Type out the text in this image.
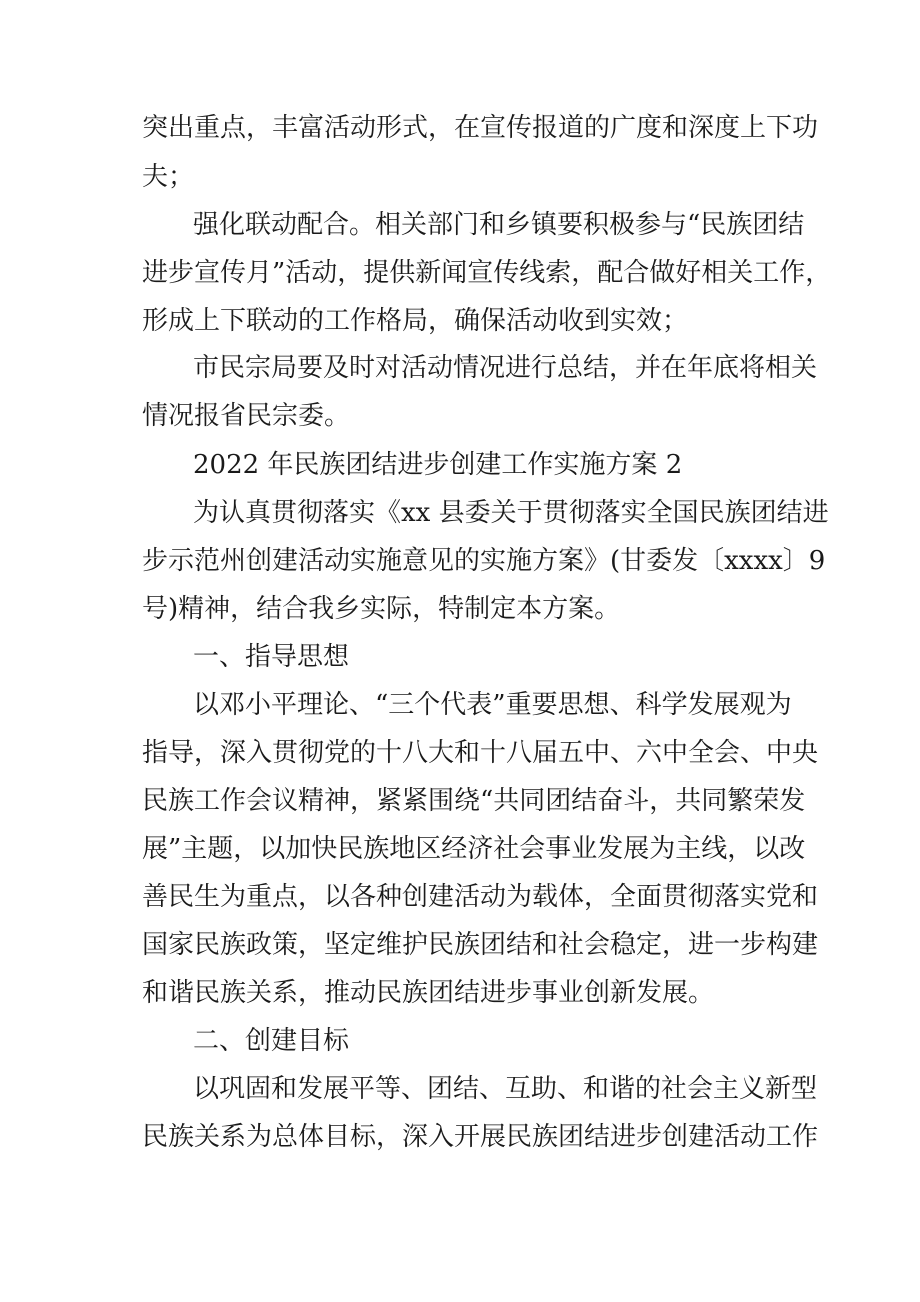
突出重点，丰富活动形式，在宣传报道的广度和深度上下功
夫；
强化联动配合。相关部门和乡镇要积极参与“民族团结
进步宣传月”活动，提供新闻宣传线索，配合做好相关工作，
形成上下联动的工作格局，确保活动收到实效；
市民宗局要及时对活动情况进行总结，并在年底将相关
情况报省民宗委。
2022 年民族团结进步创建工作实施方案 2
为认真贯彻落实《xx 县委关于贯彻落实全国民族团结进
步示范州创建活动实施意见的实施方案》(甘委发〔xxxx〕9
号)精神，结合我乡实际，特制定本方案。
一、指导思想
以邓小平理论、“三个代表”重要思想、科学发展观为
指导，深入贯彻党的十八大和十八届五中、六中全会、中央
民族工作会议精神，紧紧围绕“共同团结奋斗，共同繁荣发
展”主题，以加快民族地区经济社会事业发展为主线，以改
善民生为重点，以各种创建活动为载体，全面贯彻落实党和
国家民族政策，坚定维护民族团结和社会稳定，进一步构建
和谐民族关系，推动民族团结进步事业创新发展。
二、创建目标
以巩固和发展平等、团结、互助、和谐的社会主义新型
民族关系为总体目标，深入开展民族团结进步创建活动工作
